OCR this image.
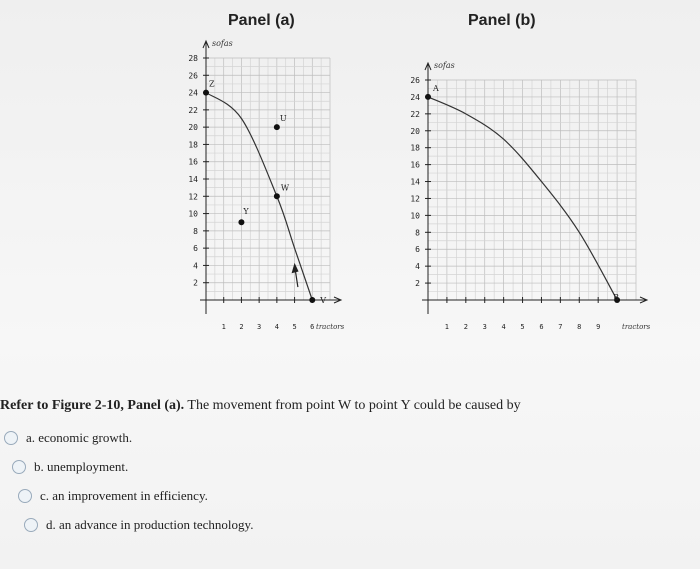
Panel (a)	Panel (b)
2
4
6
8
10
12
14
16
18
20
22
24
26
28
1 2 3 4 5 6
sofas
tractors
Z
U
W
Y
V
2
4
6
8
10
12
14
16
18
20
22
24
26
1 2 3 4 5 6 7 8 9
sofas
tractors
A
B
Refer to Figure 2-10, Panel (a). The movement from point W to point Y could be caused by
a. economic growth.
b. unemployment.
c. an improvement in efficiency.
d. an advance in production technology.
